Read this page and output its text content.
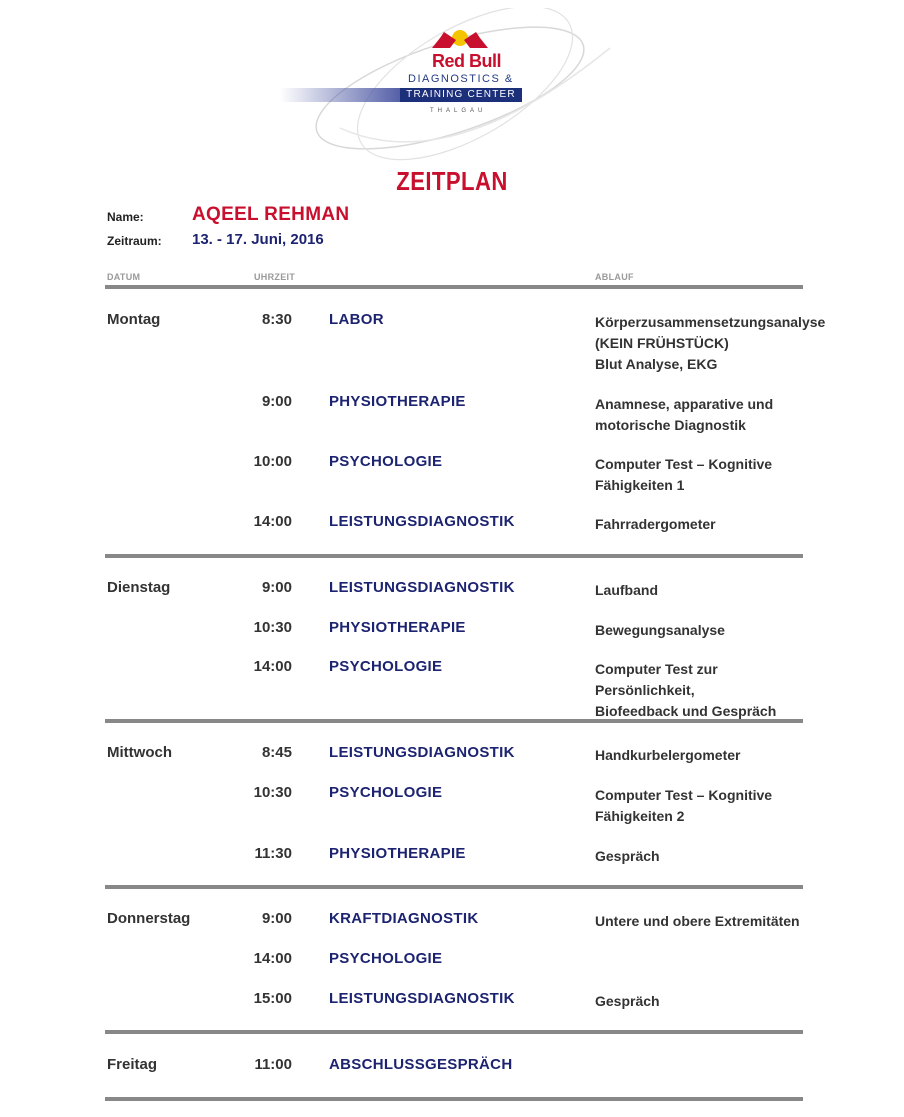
Red Bull
DIAGNOSTICS &
TRAINING CENTER
THALGAU
ZEITPLAN
Name:	AQEEL REHMAN
Zeitraum: 13. - 17. Juni, 2016
DATUM	UHRZEIT	ABLAUF
Montag	8:30 LABOR	Körperzusammensetzungsanalyse
(KEIN FRÜHSTÜCK)
Blut Analyse, EKG
9:00 PHYSIOTHERAPIE	Anamnese, apparative und
motorische Diagnostik
10:00 PSYCHOLOGIE	Computer Test – Kognitive
Fähigkeiten 1
14:00 LEISTUNGSDIAGNOSTIK	Fahrradergometer
Dienstag	9:00 LEISTUNGSDIAGNOSTIK	Laufband
10:30 PHYSIOTHERAPIE	Bewegungsanalyse
14:00 PSYCHOLOGIE	Computer Test zur Persönlichkeit,
Biofeedback und Gespräch
Mittwoch	8:45 LEISTUNGSDIAGNOSTIK	Handkurbelergometer
10:30 PSYCHOLOGIE	Computer Test – Kognitive
Fähigkeiten 2
11:30 PHYSIOTHERAPIE	Gespräch
Donnerstag	9:00 KRAFTDIAGNOSTIK	Untere und obere Extremitäten
14:00 PSYCHOLOGIE
15:00 LEISTUNGSDIAGNOSTIK	Gespräch
Freitag	11:00 ABSCHLUSSGESPRÄCH
